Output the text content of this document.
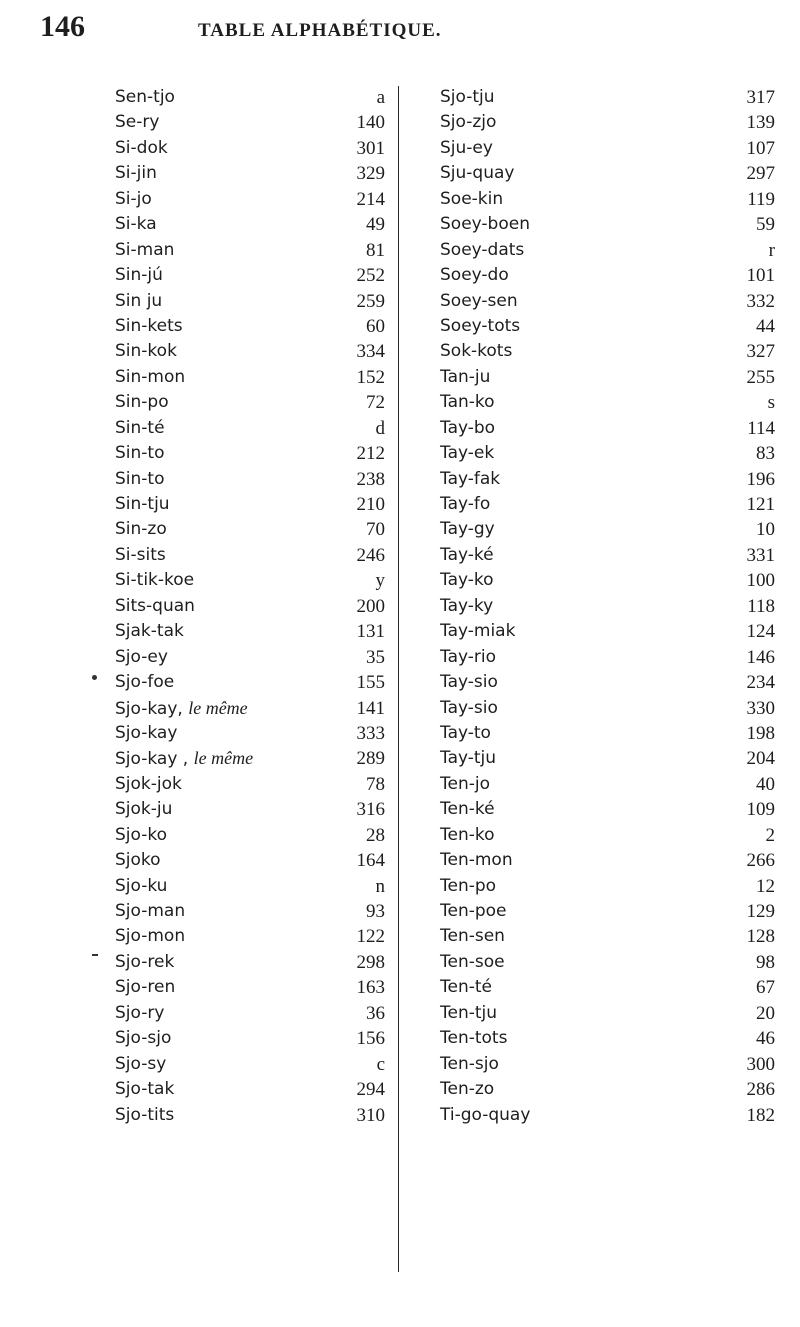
146	TABLE ALPHABÉTIQUE.
Sen-tjo	a
Se-ry	140
Si-dok	301
Si-jin	329
Si-jo	214
Si-ka	49
Si-man	81
Sin-jú	252
Sin ju	259
Sin-kets	60
Sin-kok	334
Sin-mon	152
Sin-po	72
Sin-té	d
Sin-to	212
Sin-to	238
Sin-tju	210
Sin-zo	70
Si-sits	246
Si-tik-koe	y
Sits-quan	200
Sjak-tak	131
Sjo-ey	35
Sjo-foe	155
Sjo-kay, le même	141
Sjo-kay	333
Sjo-kay , le même	289
Sjok-jok	78
Sjok-ju	316
Sjo-ko	28
Sjoko	164
Sjo-ku	n
Sjo-man	93
Sjo-mon	122
Sjo-rek	298
Sjo-ren	163
Sjo-ry	36
Sjo-sjo	156
Sjo-sy	c
Sjo-tak	294
Sjo-tits	310
Sjo-tju	317
Sjo-zjo	139
Sju-ey	107
Sju-quay	297
Soe-kin	119
Soey-boen	59
Soey-dats	r
Soey-do	101
Soey-sen	332
Soey-tots	44
Sok-kots	327
Tan-ju	255
Tan-ko	s
Tay-bo	114
Tay-ek	83
Tay-fak	196
Tay-fo	121
Tay-gy	10
Tay-ké	331
Tay-ko	100
Tay-ky	118
Tay-miak	124
Tay-rio	146
Tay-sio	234
Tay-sio	330
Tay-to	198
Tay-tju	204
Ten-jo	40
Ten-ké	109
Ten-ko	2
Ten-mon	266
Ten-po	12
Ten-poe	129
Ten-sen	128
Ten-soe	98
Ten-té	67
Ten-tju	20
Ten-tots	46
Ten-sjo	300
Ten-zo	286
Ti-go-quay	182
